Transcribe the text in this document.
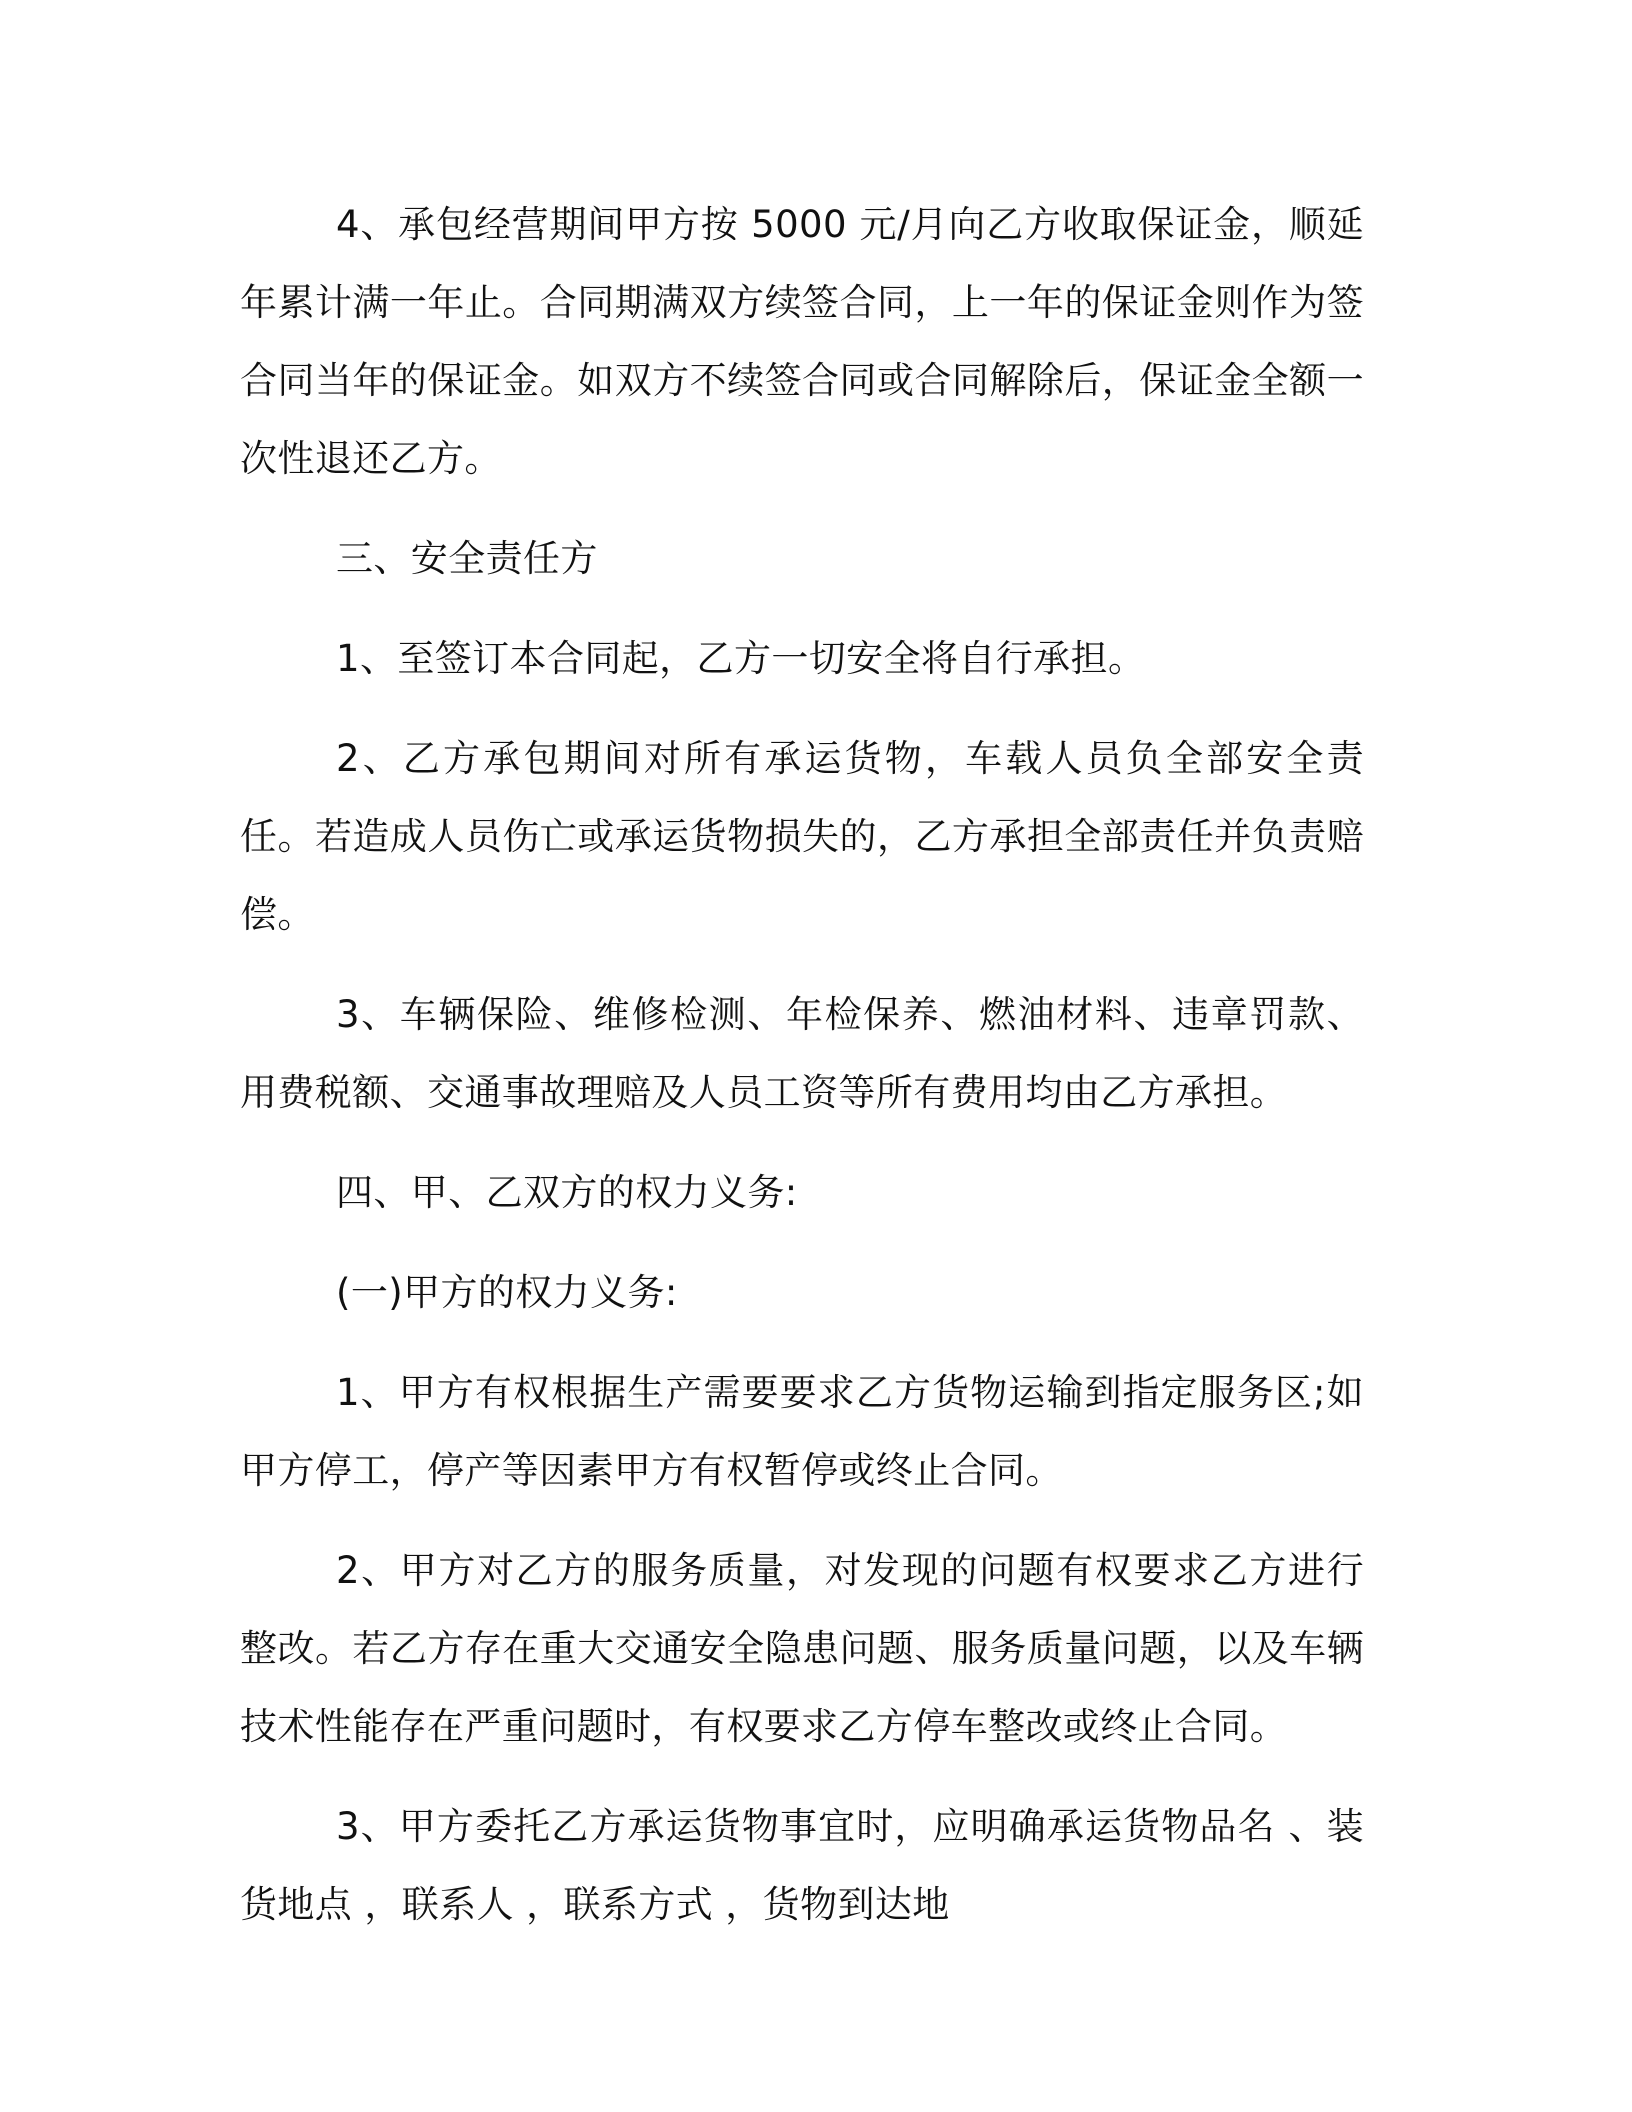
4、承包经营期间甲方按 5000 元/月向乙方收取保证金，顺延年累计满一年止。合同期满双方续签合同，上一年的保证金则作为签合同当年的保证金。如双方不续签合同或合同解除后，保证金全额一次性退还乙方。

三、安全责任方

1、至签订本合同起，乙方一切安全将自行承担。

2、乙方承包期间对所有承运货物，车载人员负全部安全责任。若造成人员伤亡或承运货物损失的，乙方承担全部责任并负责赔偿。

3、车辆保险、维修检测、年检保养、燃油材料、违章罚款、用费税额、交通事故理赔及人员工资等所有费用均由乙方承担。

四、甲、乙双方的权力义务:

(一)甲方的权力义务:

1、甲方有权根据生产需要要求乙方货物运输到指定服务区;如甲方停工，停产等因素甲方有权暂停或终止合同。

2、甲方对乙方的服务质量，对发现的问题有权要求乙方进行整改。若乙方存在重大交通安全隐患问题、服务质量问题，以及车辆技术性能存在严重问题时，有权要求乙方停车整改或终止合同。

3、甲方委托乙方承运货物事宜时，应明确承运货物品名 、装货地点 ，联系人 ，联系方式 ，货物到达地
